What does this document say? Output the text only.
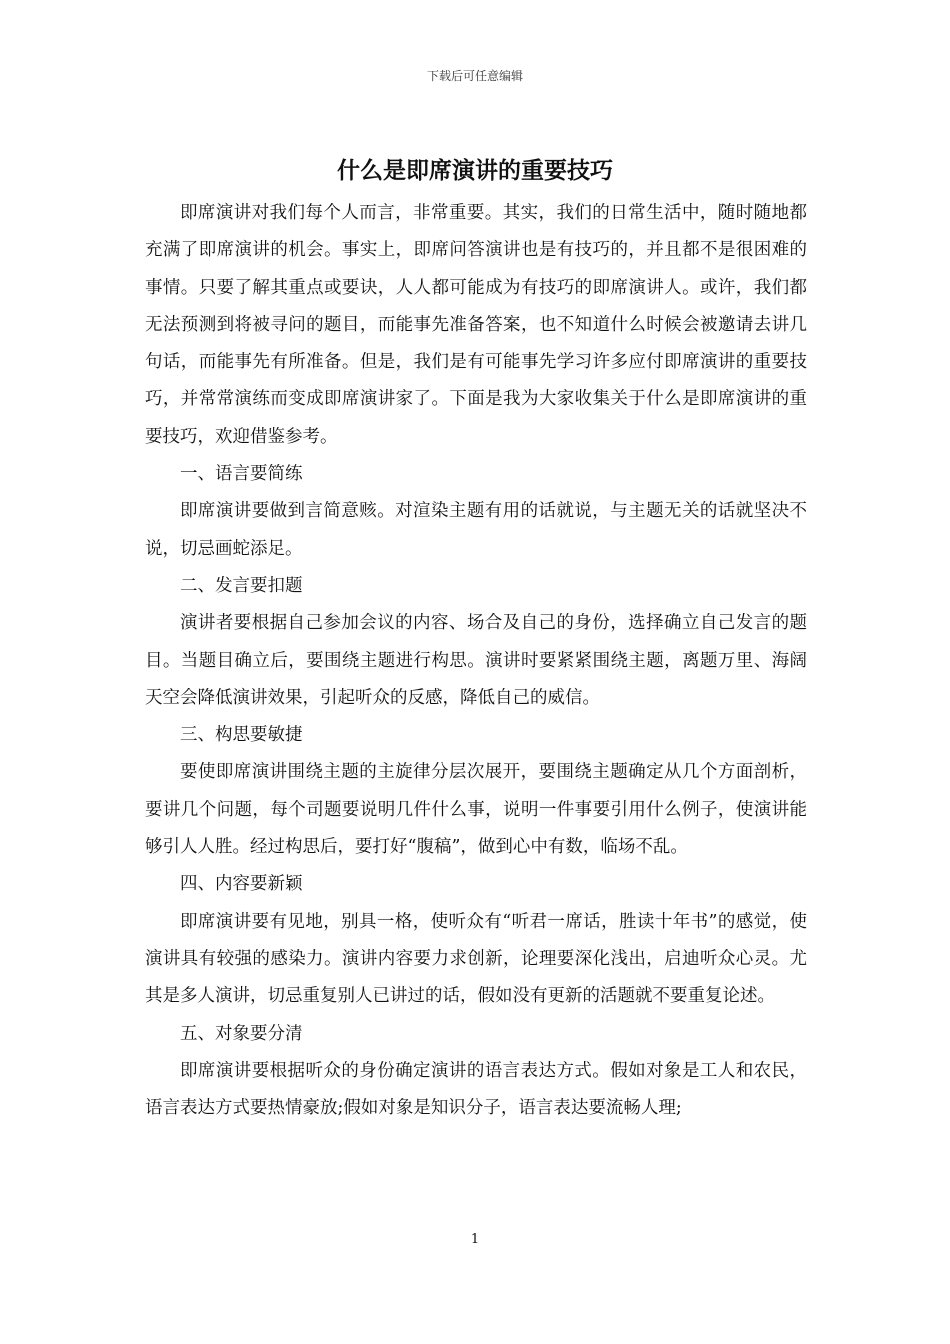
下载后可任意编辑
什么是即席演讲的重要技巧

即席演讲对我们每个人而言，非常重要。其实，我们的日常生活中，随时随地都充满了即席演讲的机会。事实上，即席问答演讲也是有技巧的，并且都不是很困难的事情。只要了解其重点或要诀，人人都可能成为有技巧的即席演讲人。或许，我们都无法预测到将被寻问的题目，而能事先准备答案，也不知道什么时候会被邀请去讲几句话，而能事先有所准备。但是，我们是有可能事先学习许多应付即席演讲的重要技巧，并常常演练而变成即席演讲家了。下面是我为大家收集关于什么是即席演讲的重要技巧，欢迎借鉴参考。

一、语言要简练

即席演讲要做到言简意赅。对渲染主题有用的话就说，与主题无关的话就坚决不说，切忌画蛇添足。

二、发言要扣题

演讲者要根据自己参加会议的内容、场合及自己的身份，选择确立自己发言的题目。当题目确立后，要围绕主题进行构思。演讲时要紧紧围绕主题，离题万里、海阔天空会降低演讲效果，引起听众的反感，降低自己的威信。

三、构思要敏捷

要使即席演讲围绕主题的主旋律分层次展开，要围绕主题确定从几个方面剖析，要讲几个问题，每个司题要说明几件什么事，说明一件事要引用什么例子，使演讲能够引人人胜。经过构思后，要打好“腹稿”，做到心中有数，临场不乱。

四、内容要新颖

即席演讲要有见地，别具一格，使听众有“听君一席话，胜读十年书”的感觉，使演讲具有较强的感染力。演讲内容要力求创新，论理要深化浅出，启迪听众心灵。尤其是多人演讲，切忌重复别人已讲过的话，假如没有更新的活题就不要重复论述。

五、对象要分清

即席演讲要根据听众的身份确定演讲的语言表达方式。假如对象是工人和农民，语言表达方式要热情豪放;假如对象是知识分子，语言表达要流畅人理;

1
